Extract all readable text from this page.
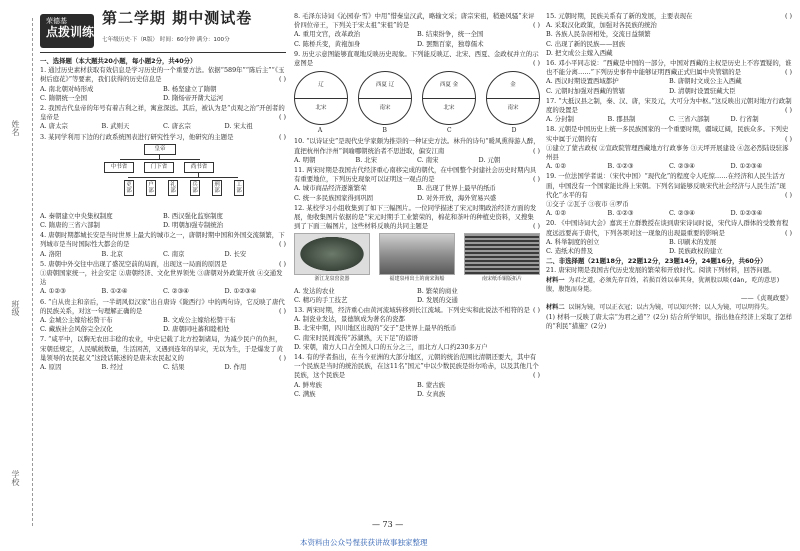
姓名
班级
学校
荣德基
点拨训练
第二学期 期中测试卷
七年级历史·下（R版） 时间：60分钟 满分：100分

一、选择题（本大题共20小题，每小题2分，共40分）

1. 通过历史素材获取有效信息是学习历史的一个重要方法。依据“589年”“陈后主”“《玉树后庭花》”等要素，我们获得的历史信息是	( )

A. 南北朝对峙形成	B. 杨坚建立了隋朝
C. 隋朝统一全国	D. 隋炀帝开凿大运河

2. 我国古代皇帝的年号有着吉利之祥，寓意深远。其后，被认为是“贞观之治”开创者的皇帝是	( )

A. 唐太宗	B. 武则天	C. 唐玄宗	D. 宋太祖

3. 某同学利用下边的行政系统图表进行研究性学习，他研究的主题是	( )

皇帝
中书省	门下省	尚书省
吏部
户部
礼部
兵部
刑部
工部
A. 秦朝建立中央集权制度	B. 西汉强化监察制度
C. 隋唐的三省六部制	D. 明朝加强专制统治

4. 唐朝时期都城长安是当时世界上最大的城市之一，唐朝时期中国和外国交流频繁，下列城市是当时国际性大都会的是	( )

A. 洛阳	B. 北京	C. 南京	D. 长安

5. 唐朝中外交往中出现了盛况空前的局面，出现这一局面的原因是	( )

①唐朝国家统一，社会安定 ②唐朝经济、文化世界领先 ③唐朝对外政策开放 ④交通发达

A. ①②③	B. ①②④	C. ②③④	D. ①②③④

6. “自从贵主和亲后，一半胡风似汉家”出自唐诗《陇西行》中的两句诗，它反映了唐代的民族关系，对这一句理解正确的是	( )

A. 金城公主嫁给松赞干布	B. 文成公主嫁给松赞干布
C. 藏族社会风俗完全汉化	D. 唐朝同吐蕃和睦相处

7. “咸平中，以胸无农田丰稔的农业，中史记载了北方控制诸局，为减少民户的负担，宋朝廷规定，人民赋税数量，生活困苦，又遇到连年的旱灾，无以为生，于是爆发了黄巢领导的农民起义”这段话陈述的是唐末农民起义的	( )

A. 原因	B. 经过	C. 结果	D. 作用

8. 毛泽东诗词《沁园春·雪》中用“惜秦皇汉武，略输文采；唐宗宋祖，稍逊风骚”来评价四位帝王，下列关于宋太祖“宋祖”的是	( )

A. 重用文官，改革政治	B. 结束纷争，统一全国
C. 陈桥兵变，黄袍加身	D. 罢黜百家，独尊儒术

9. 历史示意图能够直观地反映历史现象。下列能反映辽、北宋、西夏、金政权并立的示意图是	( )

辽
北宋
西夏 辽
南宋
西夏 金
北宋
金
南宋
A	B	C	D

10. “以诗证史”是现代史学家颇为推崇的一种证史方法。林升的诗句“暖风熏得游人醉，直把杭州作汴州”讽喻哪朝统治者不思进取，偏安江南	( )

A. 明朝	B. 北宋	C. 南宋	D. 元朝

11. 两宋时期是我国古代经济重心南移完成的朝代，在中国整个封建社会历史时期内具有重要地位，下列历史现象可以证明这一观点的是	( )

A. 城市商品经济逐渐繁荣	B. 出现了世界上最早的纸币
C. 统一多民族国家得到巩固	D. 对外开放，海外贸易兴盛

12. 某校学习小组收集到了如下三幅图片。一位同学描述了宋元时期政治经济方面的发展，他收集图片依据的是“宋元时期手工业繁荣的，棉花和茶叶的种植史资料，又搜集到了下面三幅图片，这些材料反映的共同主题是	( )

浙江龙泉窑瓷器	福建泉州出土的南宋海船	南宋纸币铜版拓片
A. 发达的农业	B. 繁荣的商业
C. 精巧的手工技艺	D. 发展的交通

13. 两宋时期，经济重心由黄河流域转移到长江流域。下列史实和此说法不相符的是 ( )

A. 制瓷业发达，景德镇成为著名的瓷都

B. 北宋中期，四川地区出现的“交子”是世界上最早的纸币

C. 南宋时民间流传“苏湖熟，天下足”的谚语

D. 宋朝，南方人口占全国人口的五分之三，而北方人口约230多万户

14. 有的学者指出，在当今亚洲的大部分地区，元朝的统治范围比清朝还要大，其中有一个民族是当时的统治民族，在这11名“国元”中以少数民族是纷尔哈赤，以及其他几个民族，这个民族是	( )

A. 鲜卑族	B. 蒙古族
C. 满族	D. 女真族

15. 元朝时期，民族关系有了新的发展，主要表现在	( )

A. 采取汉化政策，加强对各民族的统治

B. 各族人民杂居相处，交流日益频繁

C. 出现了新的民族——回族

D. 把文成公主嫁入西藏

16. 邓小平同志说：“西藏是中国的一部分，中国对西藏的主权是历史上不容置疑的，谁也不能分离……”下列历史事件中能够证明西藏正式归属中央管辖的是	( )

A. 西汉时期设置西域都护	B. 唐朝时文成公主入西藏
C. 元朝时加强对西藏的管辖	D. 清朝时设置驻藏大臣

17. “大抵汉县之制，秦、汉、唐，宋及元，大可分为中枢。”这反映出元朝对地方行政制度的设置是	( )

A. 分封制	B. 郡县制	C. 三省六部制	D. 行省制

18. 元朝是中国历史上统一多民族国家的一个重要时期，疆域辽阔，民族众多。下列史实中属于元朝的有	( )

①建立了蒙古政权 ②宣政院管理西藏地方行政事务 ③天坪开展建设 ④忽必烈陆设驻涿州县

A. ①②	B. ①②③	C. ②③④	D. ①②③④

19. 一位法国学者说：（宋代中国）“现代化”的程度令人吃惊……在经济和人民生活方面，中国没有一个国家能比得上宋朝。下列名词能够反映宋代社会经济与人民生活“现代化”水平的有	( )

①交子 ②瓦子 ③夜市 ④罗币

A. ①②	B. ①②③	C. ②③④	D. ①②③④

20. 《中国诗词大会》嘉宾王立群教授在谈到唐宋诗词时说，宋代诗人群体的受教育程度远远要高于唐代，下列各项对这一现象的出现最重要的影响是	( )

A. 科举制度的创立	B. 印刷术的发展
C. 造纸术的普及	D. 民族政权的建立

二、非选择题（21题18分，22题12分，23题14分，24题16分，共60分）

21. 唐宋时期是我国古代历史发展的繁荣和开放时代。阅读下列材料，回答问题。

材料一 为君之道，必须先存百姓，若损百姓以奉其身，犹割股以啖(dàn, 吃的意思)腹，腹饱而身毙。

——《贞观政要》

材料二 以铜为镜，可以正衣冠；以古为镜，可以知兴替；以人为镜，可以明得失。

(1) 材料一反映了唐太宗“为君之道”？(2分) 结合所学知识，指出他在经济上采取了怎样的“利民”措施？(2分)

— 73 —
本资料由公众号惺获获讲故事独家整理
